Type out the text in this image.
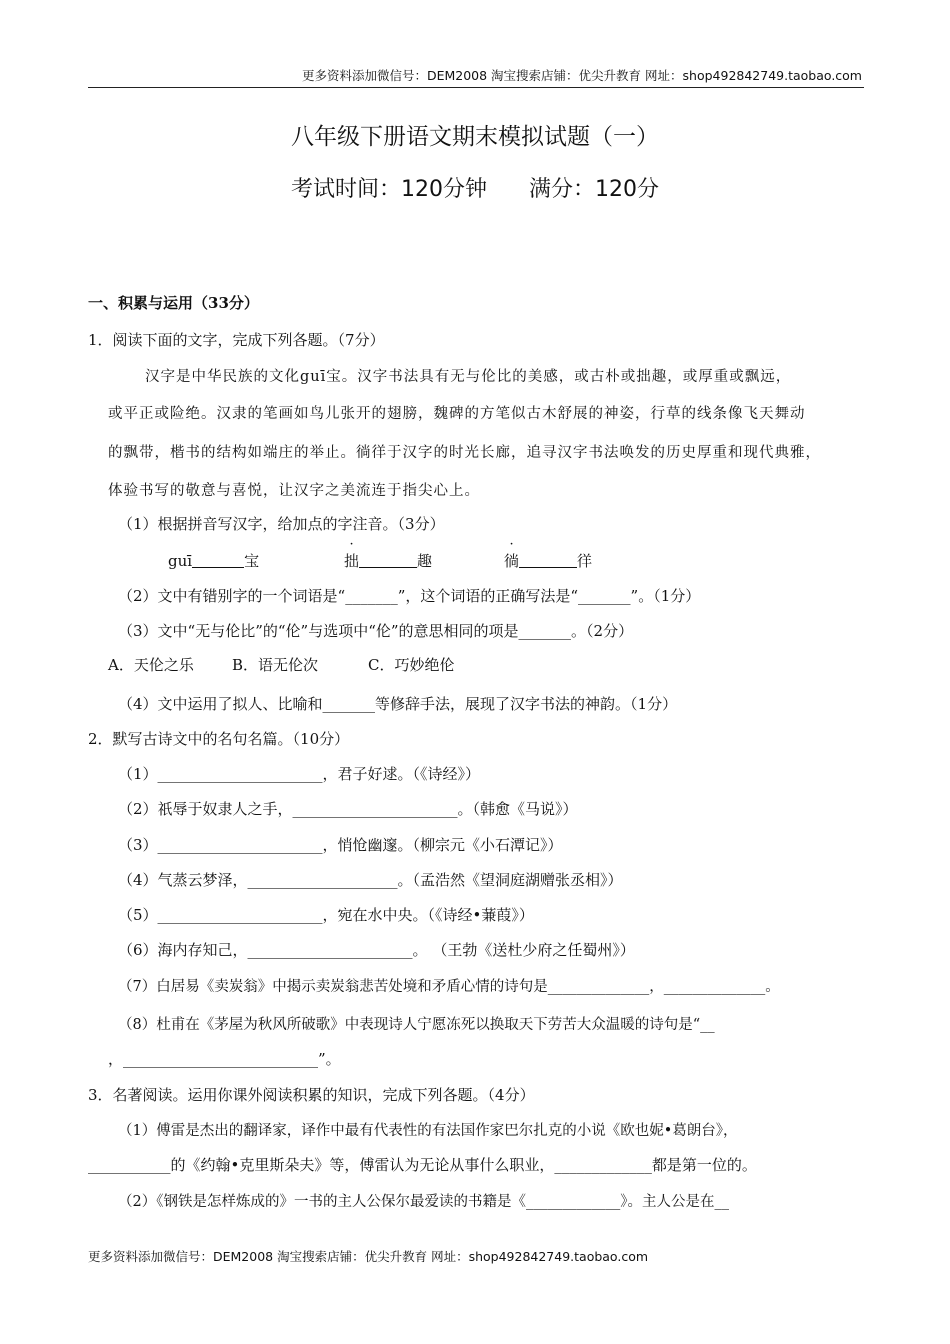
更多资料添加微信号：DEM2008 淘宝搜索店铺：优尖升教育 网址：shop492842749.taobao.com
八年级下册语文期末模拟试题（一）
考试时间：120分钟      满分：120分
一、积累与运用（33分）
1．阅读下面的文字，完成下列各题。（7分）
汉字是中华民族的文化guī宝。汉字书法具有无与伦比的美感，或古朴或拙趣，或厚重或飘远，
或平正或险绝。汉隶的笔画如鸟儿张开的翅膀，魏碑的方笔似古木舒展的神姿，行草的线条像飞天舞动
的飘带，楷书的结构如端庄的举止。徜徉于汉字的时光长廊，追寻汉字书法唤发的历史厚重和现代典雅，
体验书写的敬意与喜悦，让汉字之美流连于指尖心上。
（1）根据拼音写汉字，给加点的字注音。（3分）
guī	宝	拙	趣	徜	徉
（2）文中有错别字的一个词语是“_______”，这个词语的正确写法是“_______”。（1分）
（3）文中“无与伦比”的“伦”与选项中“伦”的意思相同的项是_______。（2分）
A．天伦之乐	B．语无伦次	C．巧妙绝伦
（4）文中运用了拟人、比喻和_______等修辞手法，展现了汉字书法的神韵。（1分）
2．默写古诗文中的名句名篇。（10分）
（1）______________________，君子好逑。（《诗经》）
（2）祇辱于奴隶人之手，______________________。（韩愈《马说》）
（3）______________________，悄怆幽邃。（柳宗元《小石潭记》）
（4）气蒸云梦泽，____________________。（孟浩然《望洞庭湖赠张丞相》）
（5）______________________，宛在水中央。（《诗经•蒹葭》）
（6）海内存知己，______________________。 （王勃《送杜少府之任蜀州》）
（7）白居易《卖炭翁》中揭示卖炭翁悲苦处境和矛盾心情的诗句是______________，______________。
（8）杜甫在《茅屋为秋风所破歌》中表现诗人宁愿冻死以换取天下劳苦大众温暖的诗句是“__
，__________________________”。
3．名著阅读。运用你课外阅读积累的知识，完成下列各题。（4分）
（1）傅雷是杰出的翻译家，译作中最有代表性的有法国作家巴尔扎克的小说《欧也妮•葛朗台》，
___________的《约翰•克里斯朵夫》等，傅雷认为无论从事什么职业，_____________都是第一位的。
（2）《钢铁是怎样炼成的》一书的主人公保尔最爱读的书籍是《_____________》。主人公是在__
更多资料添加微信号：DEM2008 淘宝搜索店铺：优尖升教育 网址：shop492842749.taobao.com
